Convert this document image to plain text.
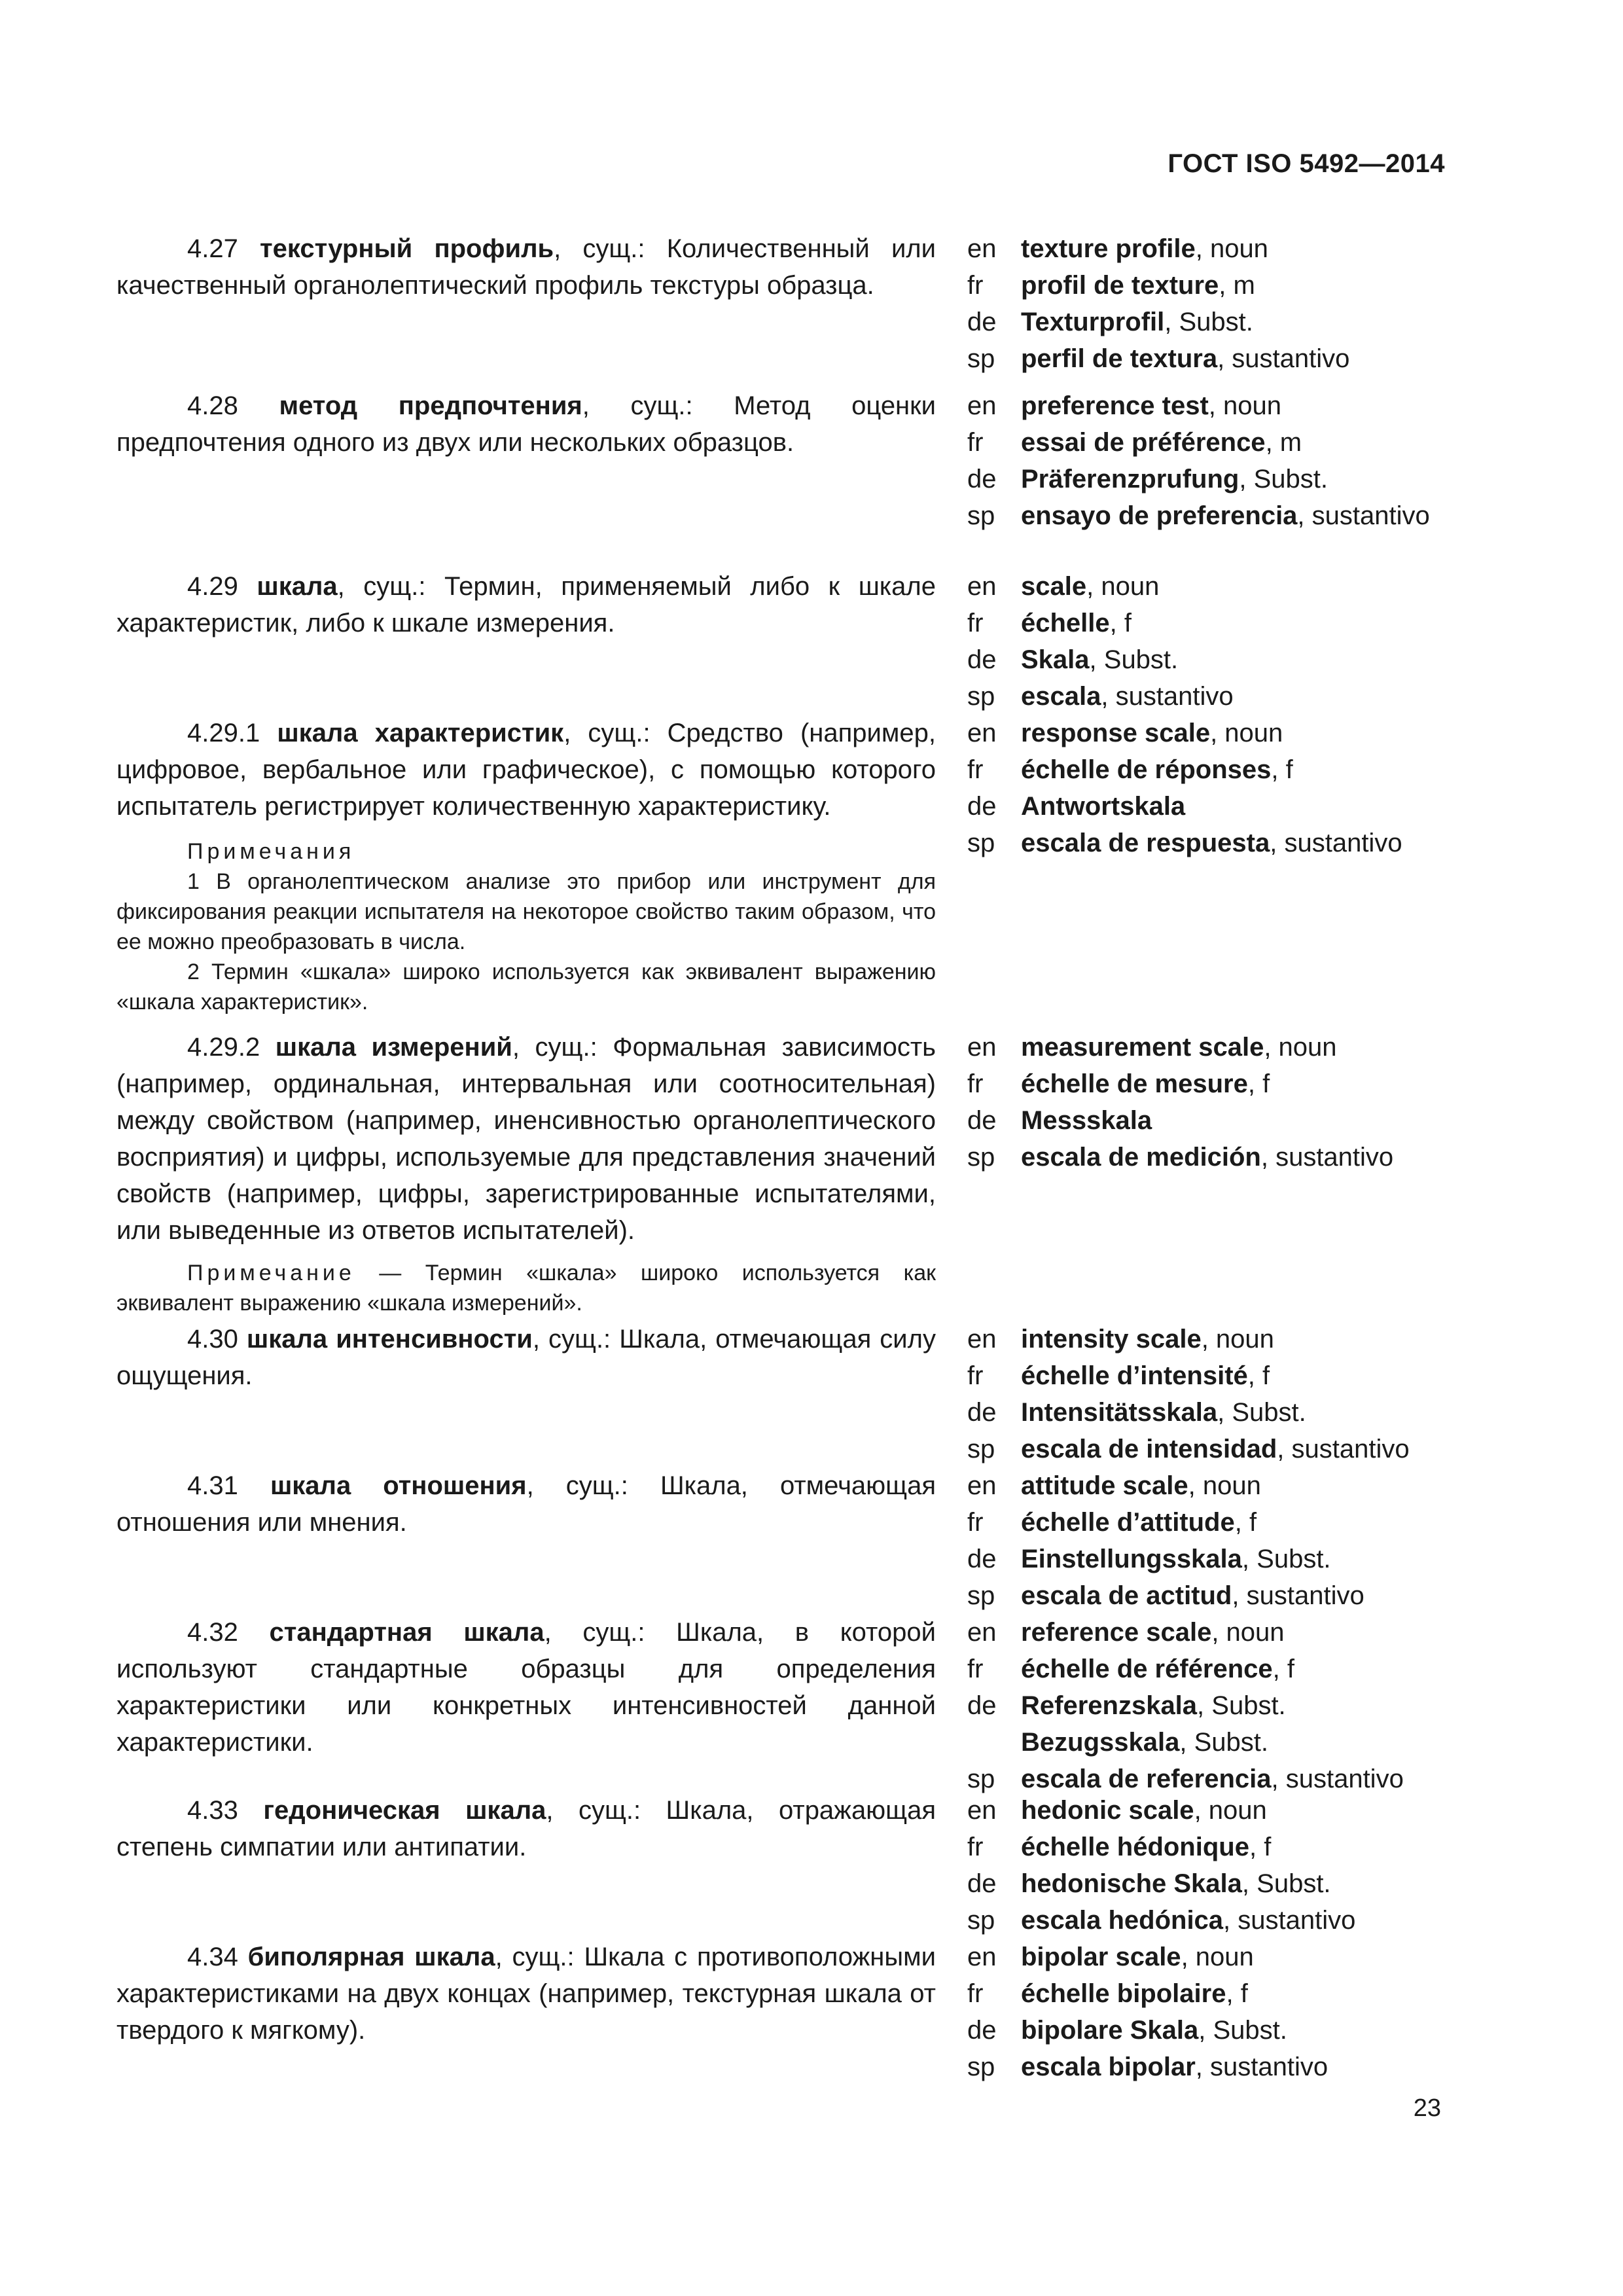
ГОСТ ISO 5492—2014

4.27 текстурный профиль, сущ.: Количественный или качественный органолептический профиль текстуры образца.

en texture profile, noun
fr	profil de texture, m
de Texturprofil, Subst.
sp perfil de textura, sustantivo

4.28 метод предпочтения, сущ.: Метод оценки предпочтения одного из двух или нескольких образцов.

en preference test, noun
fr	essai de préférence, m
de Präferenzprufung, Subst.
sp ensayo de preferencia, sustantivo

4.29 шкала, сущ.: Термин, применяемый либо к шкале характеристик, либо к шкале измерения.

en scale, noun
fr	échelle, f
de Skala, Subst.
sp escala, sustantivo

4.29.1 шкала характеристик, сущ.: Средство (например, цифровое, вербальное или графическое), с помощью которого испытатель регистрирует количественную характеристику.

Примечания

1 В органолептическом анализе это прибор или инструмент для фиксирования реакции испытателя на некоторое свойство таким образом, что ее можно преобразовать в числа.

2 Термин «шкала» широко используется как эквивалент выражению «шкала характеристик».

en response scale, noun
fr	échelle de réponses, f
de Antwortskala
sp escala de respuesta, sustantivo

4.29.2 шкала измерений, сущ.: Формальная зависимость (например, ординальная, интервальная или соотносительная) между свойством (например, иненсивностью органолептического восприятия) и цифры, используемые для представления значений свойств (например, цифры, зарегистрированные испытателями, или выведенные из ответов испытателей).

Примечание — Термин «шкала» широко используется как эквивалент выражению «шкала измерений».

en measurement scale, noun
fr	échelle de mesure, f
de Messskala
sp escala de medición, sustantivo

4.30 шкала интенсивности, сущ.: Шкала, отмечающая силу ощущения.

en intensity scale, noun
fr	échelle d’intensité, f
de Intensitätsskala, Subst.
sp escala de intensidad, sustantivo

4.31 шкала отношения, сущ.: Шкала, отмечающая отношения или мнения.

en attitude scale, noun
fr	échelle d’attitude, f
de Einstellungsskala, Subst.
sp escala de actitud, sustantivo

4.32 стандартная шкала, сущ.: Шкала, в которой используют стандартные образцы для определения характеристики или конкретных интенсивностей данной характеристики.

en reference scale, noun
fr	échelle de référence, f
de Referenzskala, Subst.
Bezugsskala, Subst.
sp escala de referencia, sustantivo

4.33 гедоническая шкала, сущ.: Шкала, отражающая степень симпатии или антипатии.

en hedonic scale, noun
fr	échelle hédonique, f
de hedonische Skala, Subst.
sp escala hedónica, sustantivo

4.34 биполярная шкала, сущ.: Шкала с противоположными характеристиками на двух концах (например, текстурная шкала от твердого к мягкому).

en bipolar scale, noun
fr	échelle bipolaire, f
de bipolare Skala, Subst.
sp escala bipolar, sustantivo
23
